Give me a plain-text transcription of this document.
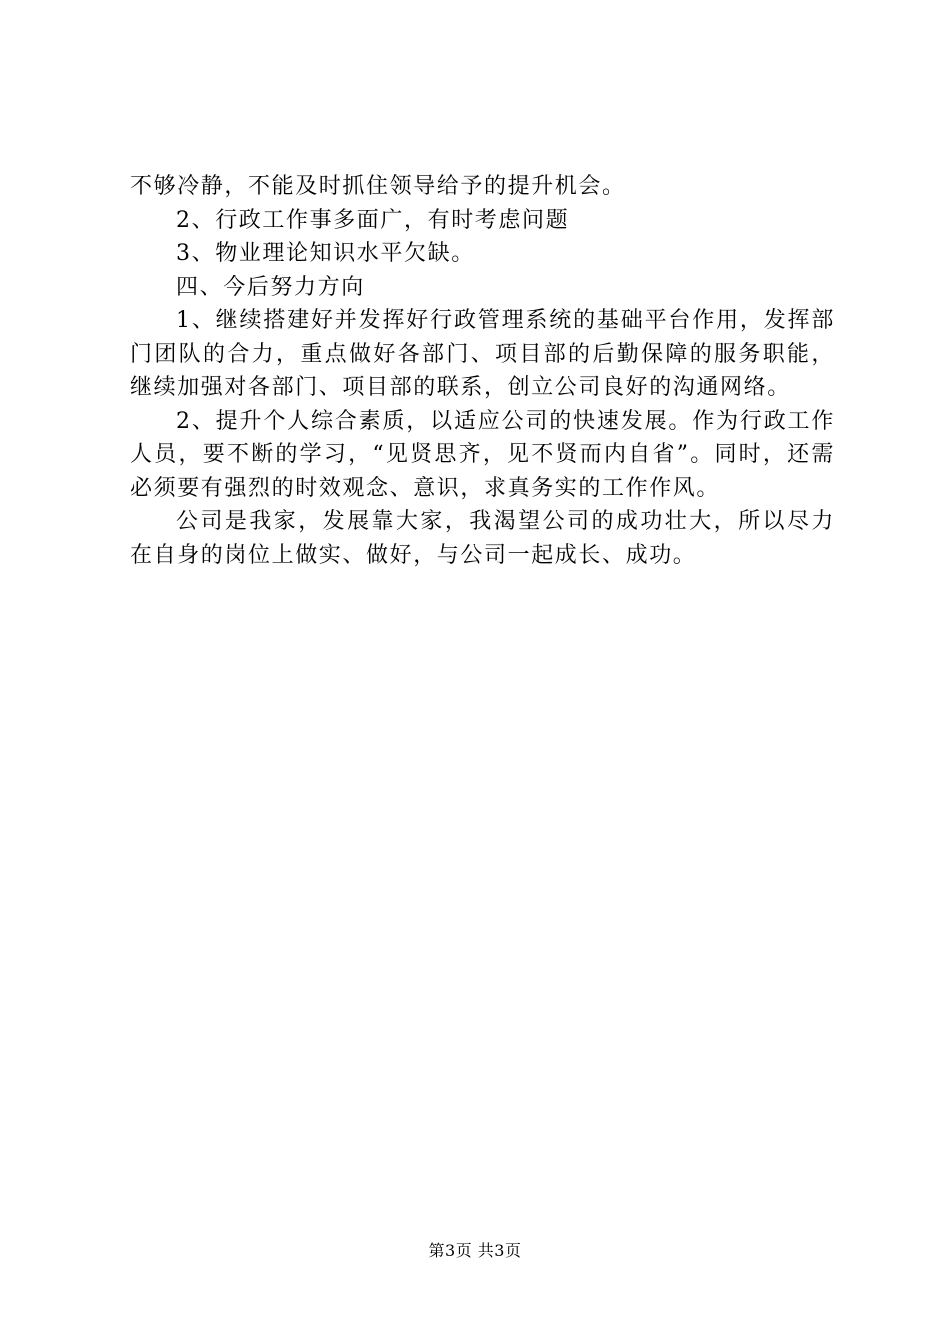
不够冷静，不能及时抓住领导给予的提升机会。

2、行政工作事多面广，有时考虑问题

3、物业理论知识水平欠缺。

四、今后努力方向

1、继续搭建好并发挥好行政管理系统的基础平台作用，发挥部门团队的合力，重点做好各部门、项目部的后勤保障的服务职能，继续加强对各部门、项目部的联系，创立公司良好的沟通网络。

2、提升个人综合素质，以适应公司的快速发展。作为行政工作人员，要不断的学习，“见贤思齐，见不贤而内自省”。同时，还需必须要有强烈的时效观念、意识，求真务实的工作作风。

公司是我家，发展靠大家，我渴望公司的成功壮大，所以尽力在自身的岗位上做实、做好，与公司一起成长、成功。

第3页 共3页
